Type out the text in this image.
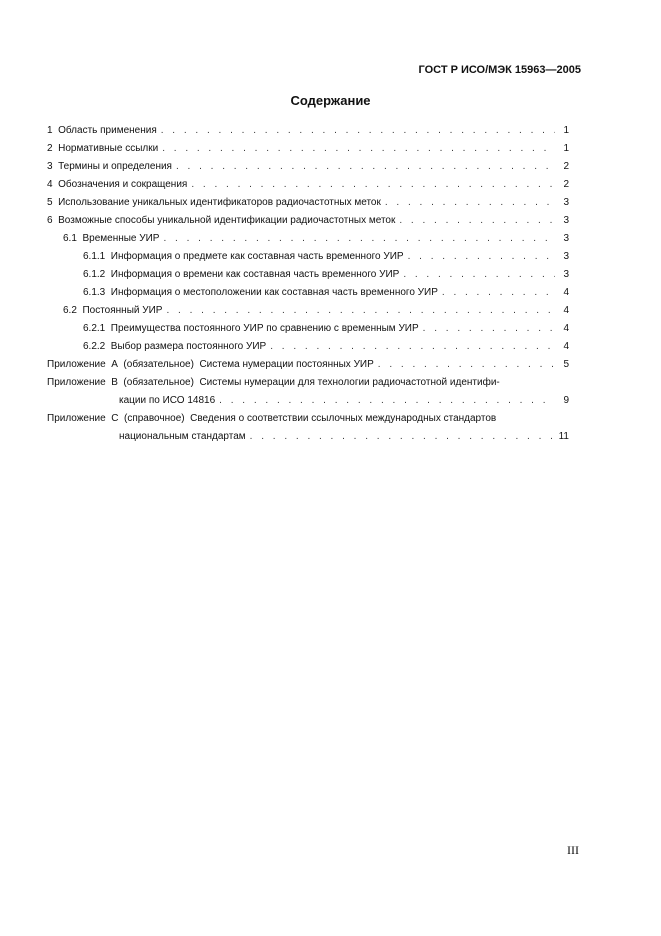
ГОСТ Р ИСО/МЭК 15963—2005
Содержание
1  Область применения . . .	1
2  Нормативные ссылки . . .	1
3  Термины и определения . . .	2
4  Обозначения и сокращения . . .	2
5  Использование уникальных идентификаторов радиочастотных меток . . .	3
6  Возможные способы уникальной идентификации радиочастотных меток . . .	3
6.1  Временные УИР . . .	3
6.1.1  Информация о предмете как составная часть временного УИР . . .	3
6.1.2  Информация о времени как составная часть временного УИР . . .	3
6.1.3  Информация о местоположении как составная часть временного УИР . . .	4
6.2  Постоянный УИР . . .	4
6.2.1  Преимущества постоянного УИР по сравнению с временным УИР . . .	4
6.2.2  Выбор размера постоянного УИР . . .	4
Приложение  А  (обязательное)  Система нумерации постоянных УИР . . .	5
Приложение  В  (обязательное)  Системы нумерации для технологии радиочастотной идентифи-
кации по ИСО 14816 . . .	9
Приложение  С  (справочное)  Сведения о соответствии ссылочных международных стандартов
национальным стандартам . . .	11
III
